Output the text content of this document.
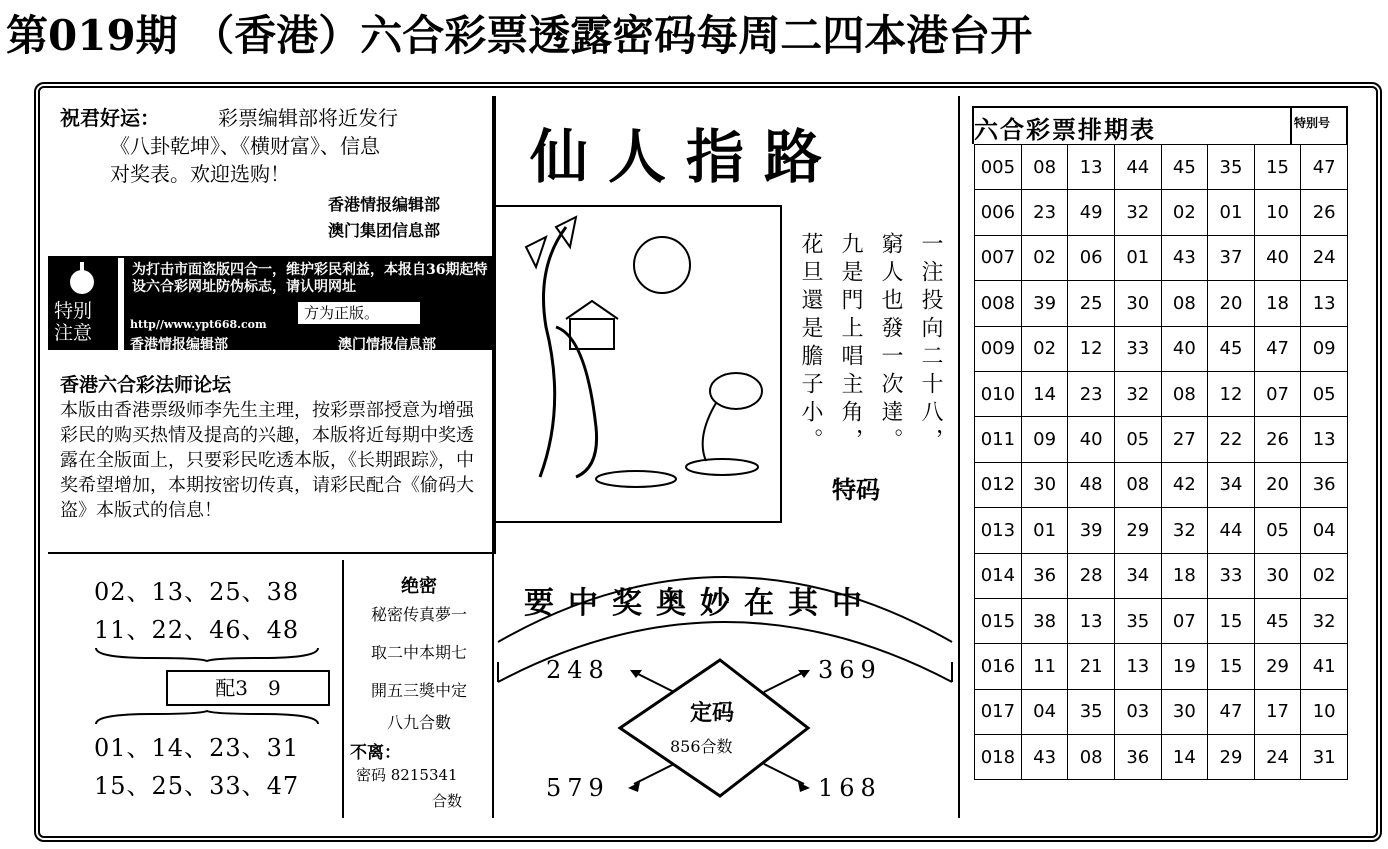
第019期 （香港）六合彩票透露密码每周二四本港台开
祝君好运：	彩票编辑部将近发行
《八卦乾坤》、《横财富》、信息
对奖表。欢迎选购！
香港情报编辑部
澳门集团信息部
特别
注意
为打击市面盗版四合一，维护彩民利益，本报自36期起特设六合彩网址防伪标志，请认明网址
方为正版。
http//www.ypt668.com
香港情报编辑部	澳门情报信息部
香港六合彩法师论坛
本版由香港票级师李先生主理，按彩票部授意为增强彩民的购买热情及提高的兴趣，本版将近每期中奖透露在全版面上，只要彩民吃透本版，《长期跟踪》，中奖希望增加，本期按密切传真，请彩民配合《偷码大盗》本版式的信息！
02、13、25、38
11、22、46、48
配3　9
01、14、23、31
15、25、33、47
绝密
秘密传真夢一
取二中本期七
開五三獎中定
八九合數
不离：
密码 8215341
合数
仙人指路
一注投向二十八，
窮人也發一次達。
九是門上唱主角，
花旦還是膽子小。
特码
要中奖奥妙在其中
定码
856合数
248	369
579	168
六合彩票排期表	特别号
005	08	13	44	45	35	15	47
006	23	49	32	02	01	10	26
007	02	06	01	43	37	40	24
008	39	25	30	08	20	18	13
009	02	12	33	40	45	47	09
010	14	23	32	08	12	07	05
011	09	40	05	27	22	26	13
012	30	48	08	42	34	20	36
013	01	39	29	32	44	05	04
014	36	28	34	18	33	30	02
015	38	13	35	07	15	45	32
016	11	21	13	19	15	29	41
017	04	35	03	30	47	17	10
018	43	08	36	14	29	24	31
